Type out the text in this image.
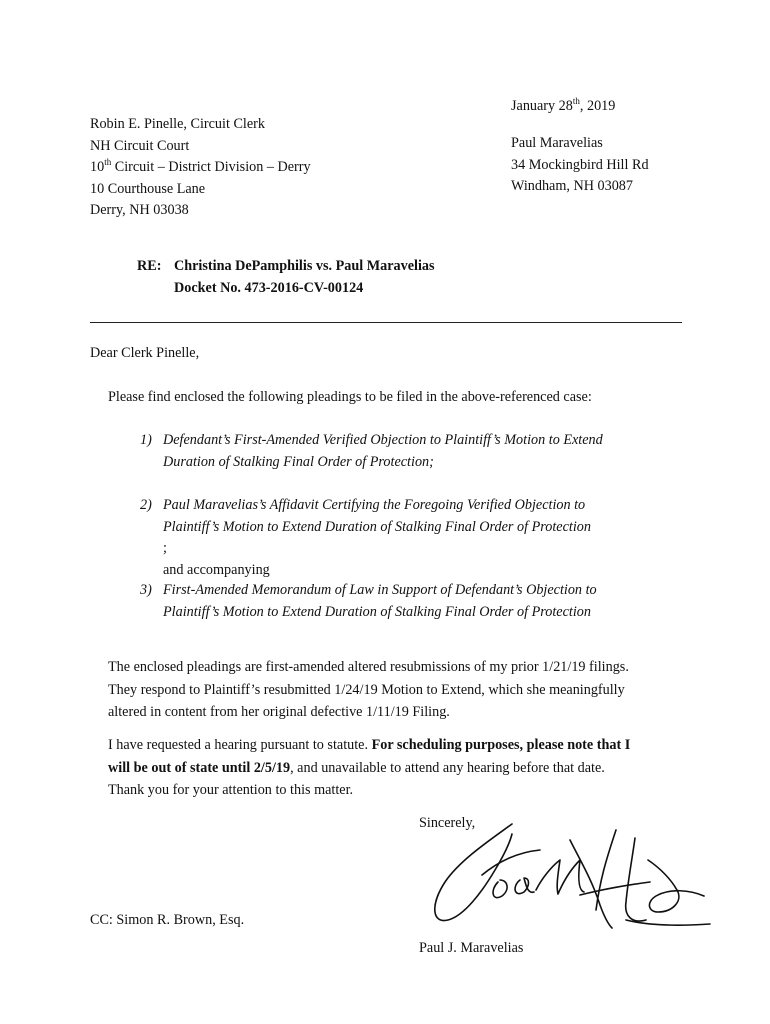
January 28th, 2019
Robin E. Pinelle, Circuit Clerk
NH Circuit Court
10th Circuit – District Division – Derry
10 Courthouse Lane
Derry, NH 03038
Paul Maravelias
34 Mockingbird Hill Rd
Windham, NH 03087
RE: Christina DePamphilis vs. Paul Maravelias
Docket No. 473-2016-CV-00124
Dear Clerk Pinelle,
Please find enclosed the following pleadings to be filed in the above-referenced case:
1) Defendant’s First-Amended Verified Objection to Plaintiff’s Motion to Extend
Duration of Stalking Final Order of Protection;
2) Paul Maravelias’s Affidavit Certifying the Foregoing Verified Objection to
Plaintiff’s Motion to Extend Duration of Stalking Final Order of Protection
;
and accompanying
3) First-Amended Memorandum of Law in Support of Defendant’s Objection to
Plaintiff’s Motion to Extend Duration of Stalking Final Order of Protection
The enclosed pleadings are first-amended altered resubmissions of my prior 1/21/19 filings.
They respond to Plaintiff’s resubmitted 1/24/19 Motion to Extend, which she meaningfully
altered in content from her original defective 1/11/19 Filing.
I have requested a hearing pursuant to statute. For scheduling purposes, please note that I
will be out of state until 2/5/19, and unavailable to attend any hearing before that date.
Thank you for your attention to this matter.
Sincerely,
CC: Simon R. Brown, Esq.
Paul J. Maravelias
